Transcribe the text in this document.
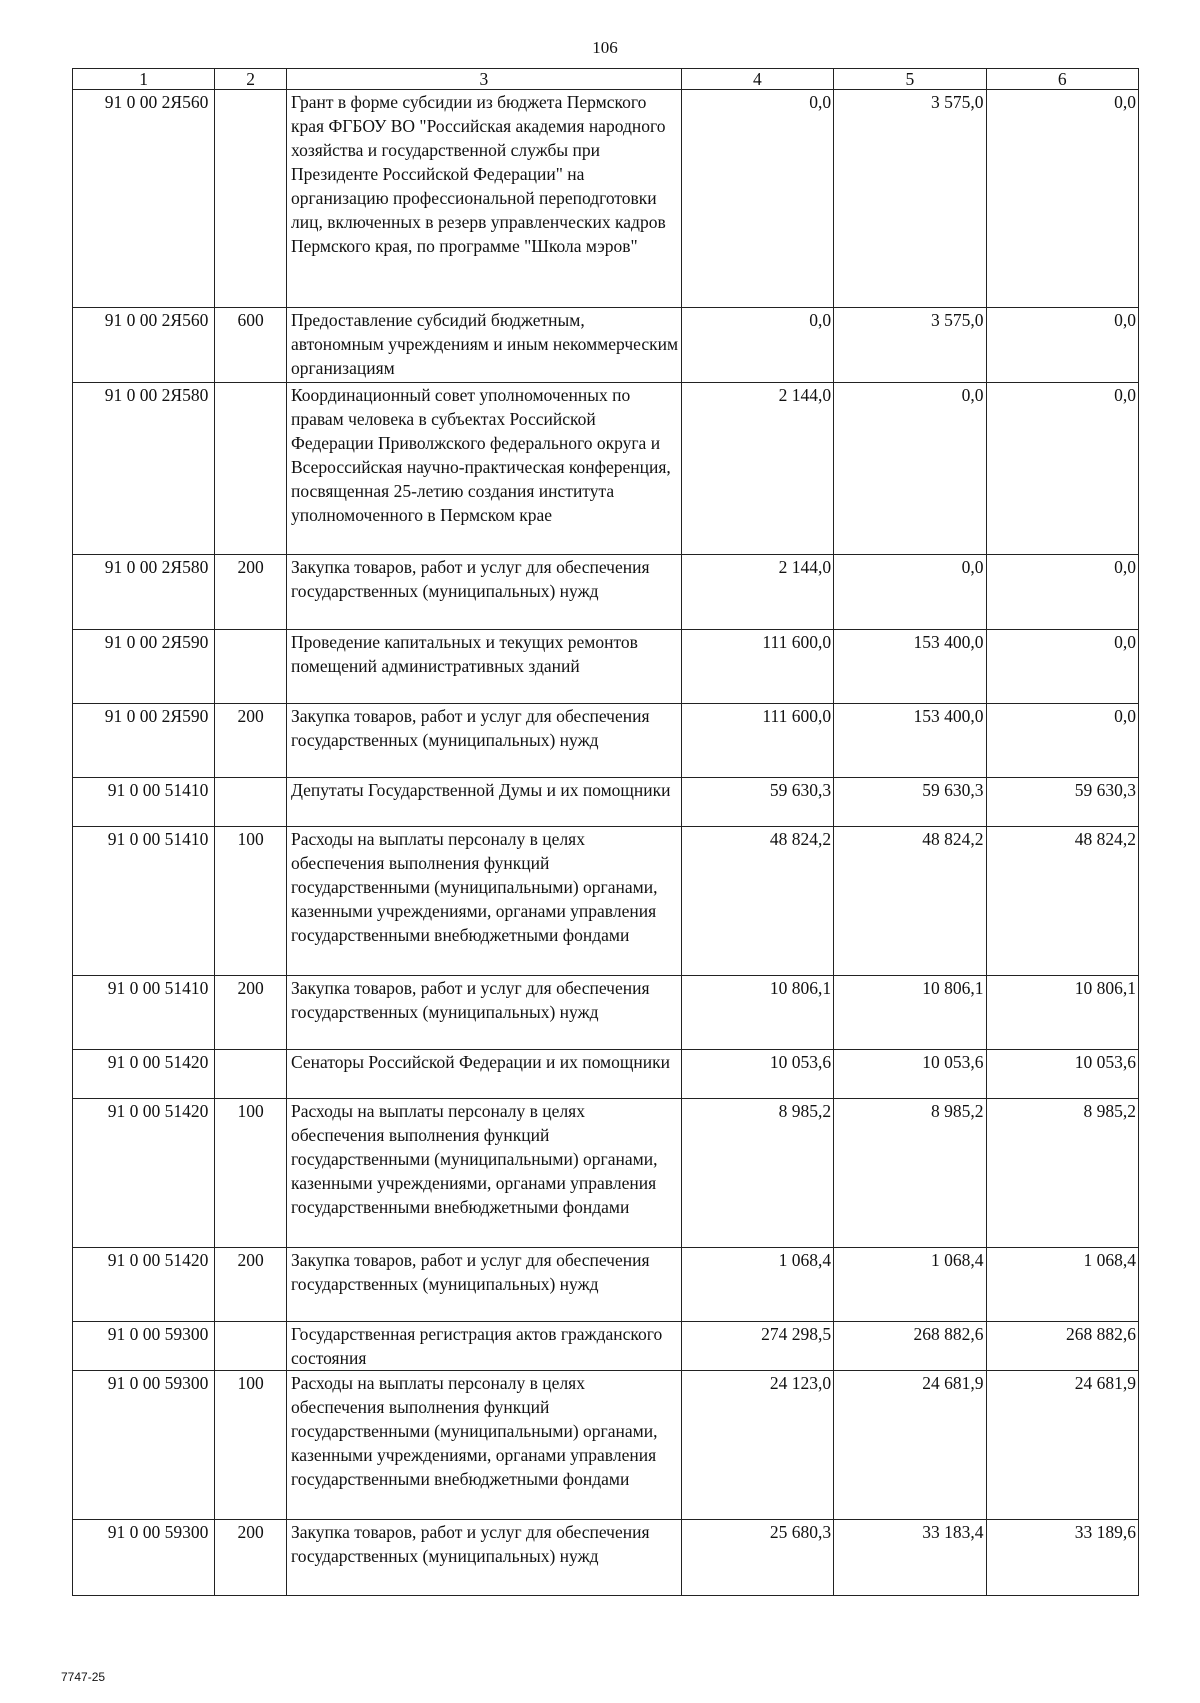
106
1	2	3	4	5	6
91 0 00 2Я560		Грант в форме субсидии из бюджета Пермского края ФГБОУ ВО "Российская академия народного хозяйства и государственной службы при Президенте Российской Федерации" на организацию профессиональной переподготовки лиц, включенных в резерв управленческих кадров Пермского края, по программе "Школа мэров"	0,0	3 575,0	0,0
91 0 00 2Я560	600	Предоставление субсидий бюджетным, автономным учреждениям и иным некоммерческим организациям	0,0	3 575,0	0,0
91 0 00 2Я580		Координационный совет уполномоченных по правам человека в субъектах Российской Федерации Приволжского федерального округа и Всероссийская научно-практическая конференция, посвященная 25-летию создания института уполномоченного в Пермском крае	2 144,0	0,0	0,0
91 0 00 2Я580	200	Закупка товаров, работ и услуг для обеспечения государственных (муниципальных) нужд	2 144,0	0,0	0,0
91 0 00 2Я590		Проведение капитальных и текущих ремонтов помещений административных зданий	111 600,0	153 400,0	0,0
91 0 00 2Я590	200	Закупка товаров, работ и услуг для обеспечения государственных (муниципальных) нужд	111 600,0	153 400,0	0,0
91 0 00 51410		Депутаты Государственной Думы и их помощники	59 630,3	59 630,3	59 630,3
91 0 00 51410	100	Расходы на выплаты персоналу в целях обеспечения выполнения функций государственными (муниципальными) органами, казенными учреждениями, органами управления государственными внебюджетными фондами	48 824,2	48 824,2	48 824,2
91 0 00 51410	200	Закупка товаров, работ и услуг для обеспечения государственных (муниципальных) нужд	10 806,1	10 806,1	10 806,1
91 0 00 51420		Сенаторы Российской Федерации и их помощники	10 053,6	10 053,6	10 053,6
91 0 00 51420	100	Расходы на выплаты персоналу в целях обеспечения выполнения функций государственными (муниципальными) органами, казенными учреждениями, органами управления государственными внебюджетными фондами	8 985,2	8 985,2	8 985,2
91 0 00 51420	200	Закупка товаров, работ и услуг для обеспечения государственных (муниципальных) нужд	1 068,4	1 068,4	1 068,4
91 0 00 59300		Государственная регистрация актов гражданского состояния	274 298,5	268 882,6	268 882,6
91 0 00 59300	100	Расходы на выплаты персоналу в целях обеспечения выполнения функций государственными (муниципальными) органами, казенными учреждениями, органами управления государственными внебюджетными фондами	24 123,0	24 681,9	24 681,9
91 0 00 59300	200	Закупка товаров, работ и услуг для обеспечения государственных (муниципальных) нужд	25 680,3	33 183,4	33 189,6
7747-25
